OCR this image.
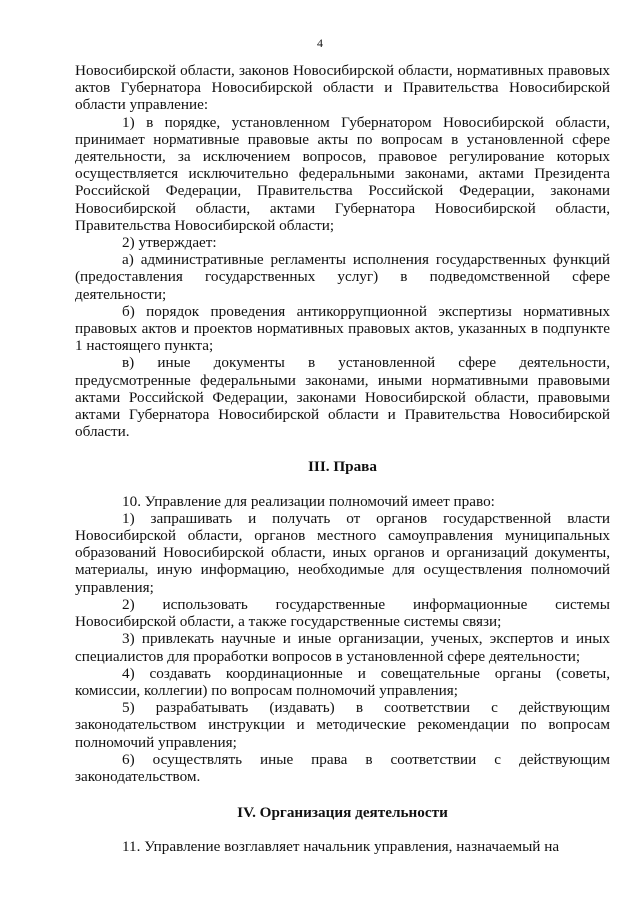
4

Новосибирской области, законов Новосибирской области, нормативных правовых актов Губернатора Новосибирской области и Правительства Новосибирской области управление:

1) в порядке, установленном Губернатором Новосибирской области, принимает нормативные правовые акты по вопросам в установленной сфере деятельности, за исключением вопросов, правовое регулирование которых осуществляется исключительно федеральными законами, актами Президента Российской Федерации, Правительства Российской Федерации, законами Новосибирской области, актами Губернатора Новосибирской области, Правительства Новосибирской области;

2) утверждает:

а) административные регламенты исполнения государственных функций (предоставления государственных услуг) в подведомственной сфере деятельности;

б) порядок проведения антикоррупционной экспертизы нормативных правовых актов и проектов нормативных правовых актов, указанных в подпункте 1 настоящего пункта;

в) иные документы в установленной сфере деятельности, предусмотренные федеральными законами, иными нормативными правовыми актами Российской Федерации, законами Новосибирской области, правовыми актами Губернатора Новосибирской области и Правительства Новосибирской области.

III. Права

10. Управление для реализации полномочий имеет право:

1) запрашивать и получать от органов государственной власти Новосибирской области, органов местного самоуправления муниципальных образований Новосибирской области, иных органов и организаций документы, материалы, иную информацию, необходимые для осуществления полномочий управления;

2) использовать государственные информационные системы Новосибирской области, а также государственные системы связи;

3) привлекать научные и иные организации, ученых, экспертов и иных специалистов для проработки вопросов в установленной сфере деятельности;

4) создавать координационные и совещательные органы (советы, комиссии, коллегии) по вопросам полномочий управления;

5) разрабатывать (издавать) в соответствии с действующим законодательством инструкции и методические рекомендации по вопросам полномочий управления;

6) осуществлять иные права в соответствии с действующим законодательством.

IV. Организация деятельности

11. Управление возглавляет начальник управления, назначаемый на
